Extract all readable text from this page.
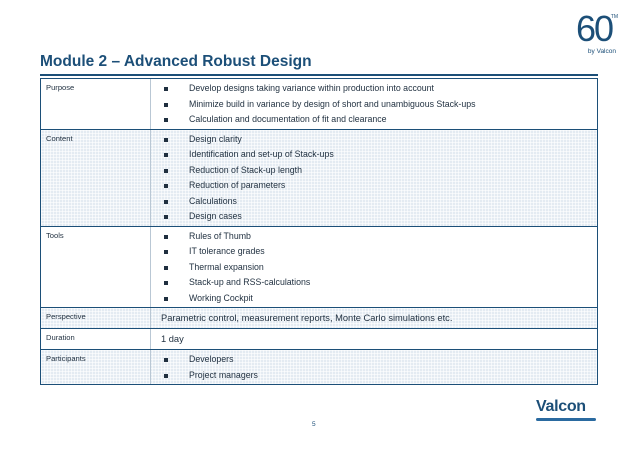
60
TM
by Valcon
Module 2 – Advanced Robust Design
Purpose	Develop designs taking variance within production into account
Minimize build in variance by design of short and unambiguous Stack-ups
Calculation and documentation of fit and clearance
Content	Design clarity
Identification and set-up of Stack-ups
Reduction of Stack-up length
Reduction of parameters
Calculations
Design cases
Tools	Rules of Thumb
IT tolerance grades
Thermal expansion
Stack-up and RSS-calculations
Working Cockpit
Perspective	Parametric control, measurement reports, Monte Carlo simulations etc.
Duration	1 day
Participants	Developers
Project managers
5
Valcon
